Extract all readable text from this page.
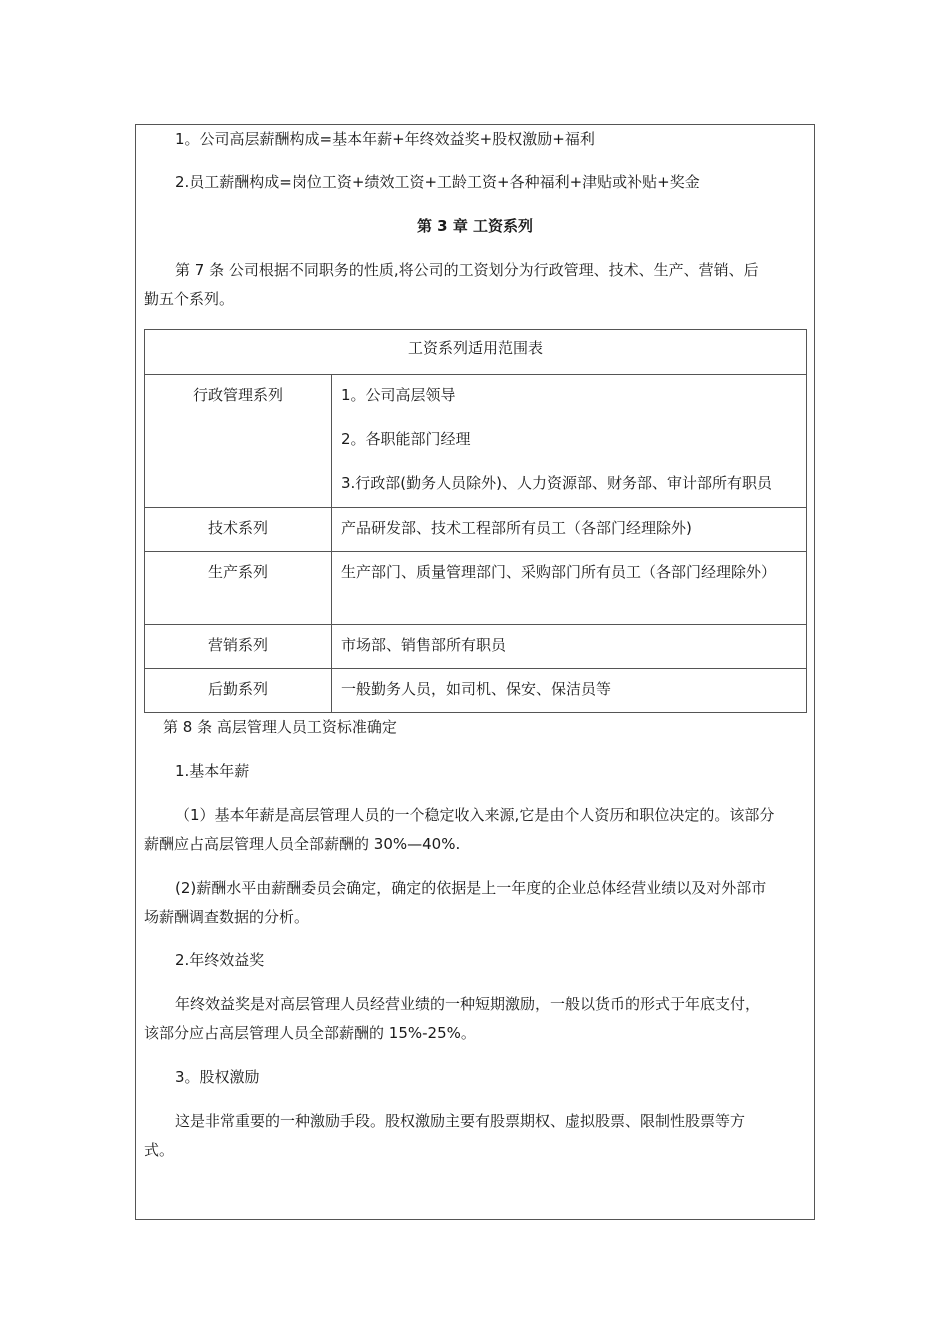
1。公司高层薪酬构成=基本年薪+年终效益奖+股权激励+福利
2.员工薪酬构成=岗位工资+绩效工资+工龄工资+各种福利+津贴或补贴+奖金
第 3 章 工资系列
第 7 条 公司根据不同职务的性质,将公司的工资划分为行政管理、技术、生产、营销、后
勤五个系列。
工资系列适用范围表	

行政管理系列	1。公司高层领导
2。各职能部门经理
3.行政部(勤务人员除外)、人力资源部、财务部、审计部所有职员

技术系列	产品研发部、技术工程部所有员工（各部门经理除外)

生产系列	生产部门、质量管理部门、采购部门所有员工（各部门经理除外）

营销系列	市场部、销售部所有职员

后勤系列	一般勤务人员，如司机、保安、保洁员等
第 8 条 高层管理人员工资标准确定
1.基本年薪
（1）基本年薪是高层管理人员的一个稳定收入来源,它是由个人资历和职位决定的。该部分
薪酬应占高层管理人员全部薪酬的 30%—40%.
(2)薪酬水平由薪酬委员会确定，确定的依据是上一年度的企业总体经营业绩以及对外部市
场薪酬调查数据的分析。
2.年终效益奖
年终效益奖是对高层管理人员经营业绩的一种短期激励，一般以货币的形式于年底支付，
该部分应占高层管理人员全部薪酬的 15%-25%。
3。股权激励
这是非常重要的一种激励手段。股权激励主要有股票期权、虚拟股票、限制性股票等方
式。
